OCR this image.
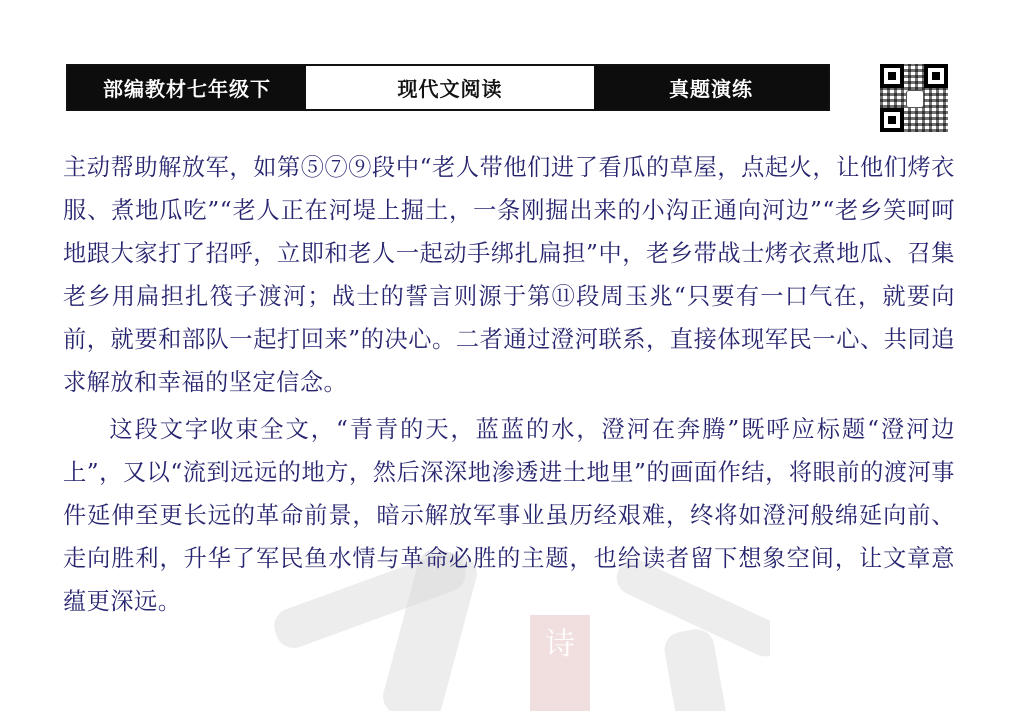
诗
部编教材七年级下	现代文阅读	真题演练

主动帮助解放军，如第⑤⑦⑨段中“老人带他们进了看瓜的草屋，点起火，让他们烤衣服、煮地瓜吃”“老人正在河堤上掘土，一条刚掘出来的小沟正通向河边”“老乡笑呵呵地跟大家打了招呼，立即和老人一起动手绑扎扁担”中，老乡带战士烤衣煮地瓜、召集老乡用扁担扎筏子渡河；战士的誓言则源于第⑪段周玉兆“只要有一口气在，就要向前，就要和部队一起打回来”的决心。二者通过澄河联系，直接体现军民一心、共同追求解放和幸福的坚定信念。

这段文字收束全文，“青青的天，蓝蓝的水，澄河在奔腾”既呼应标题“澄河边上”，又以“流到远远的地方，然后深深地渗透进土地里”的画面作结，将眼前的渡河事件延伸至更长远的革命前景，暗示解放军事业虽历经艰难，终将如澄河般绵延向前、走向胜利，升华了军民鱼水情与革命必胜的主题，也给读者留下想象空间，让文章意蕴更深远。
